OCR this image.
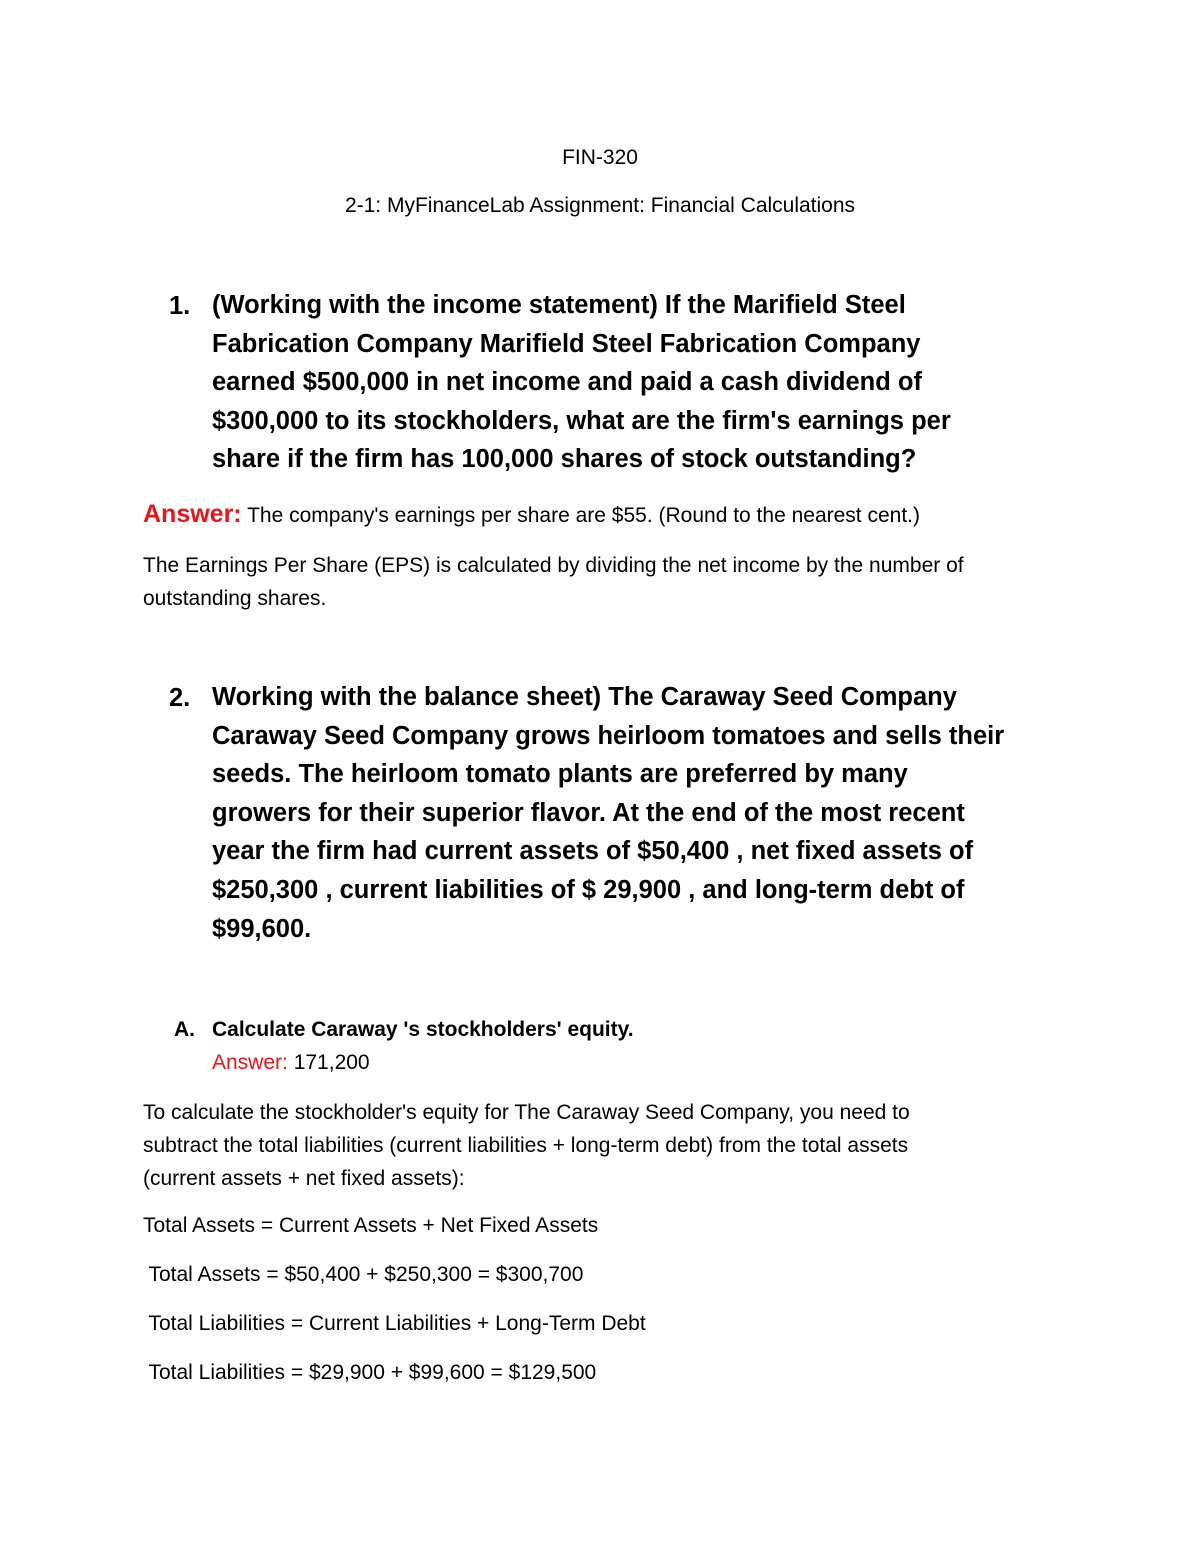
FIN-320
2-1: MyFinanceLab Assignment: Financial Calculations
1. (Working with the income statement) If the Marifield Steel
Fabrication Company Marifield Steel Fabrication Company
earned $500,000 in net income and paid a cash dividend of
$300,000 to its stockholders, what are the firm's earnings per
share if the firm has 100,000 shares of stock outstanding?
Answer: The company's earnings per share are $55. (Round to the nearest cent.)
The Earnings Per Share (EPS) is calculated by dividing the net income by the number of
outstanding shares.
2. Working with the balance sheet) The Caraway Seed Company
Caraway Seed Company grows heirloom tomatoes and sells their
seeds. The heirloom tomato plants are preferred by many
growers for their superior flavor. At the end of the most recent
year the firm had current assets of $50,400 , net fixed assets of
$250,300 , current liabilities of $ 29,900 , and long-term debt of
$99,600.
A. Calculate Caraway 's stockholders' equity.
Answer: 171,200
To calculate the stockholder's equity for The Caraway Seed Company, you need to
subtract the total liabilities (current liabilities + long-term debt) from the total assets
(current assets + net fixed assets):
Total Assets = Current Assets + Net Fixed Assets
Total Assets = $50,400 + $250,300 = $300,700
Total Liabilities = Current Liabilities + Long-Term Debt
Total Liabilities = $29,900 + $99,600 = $129,500
